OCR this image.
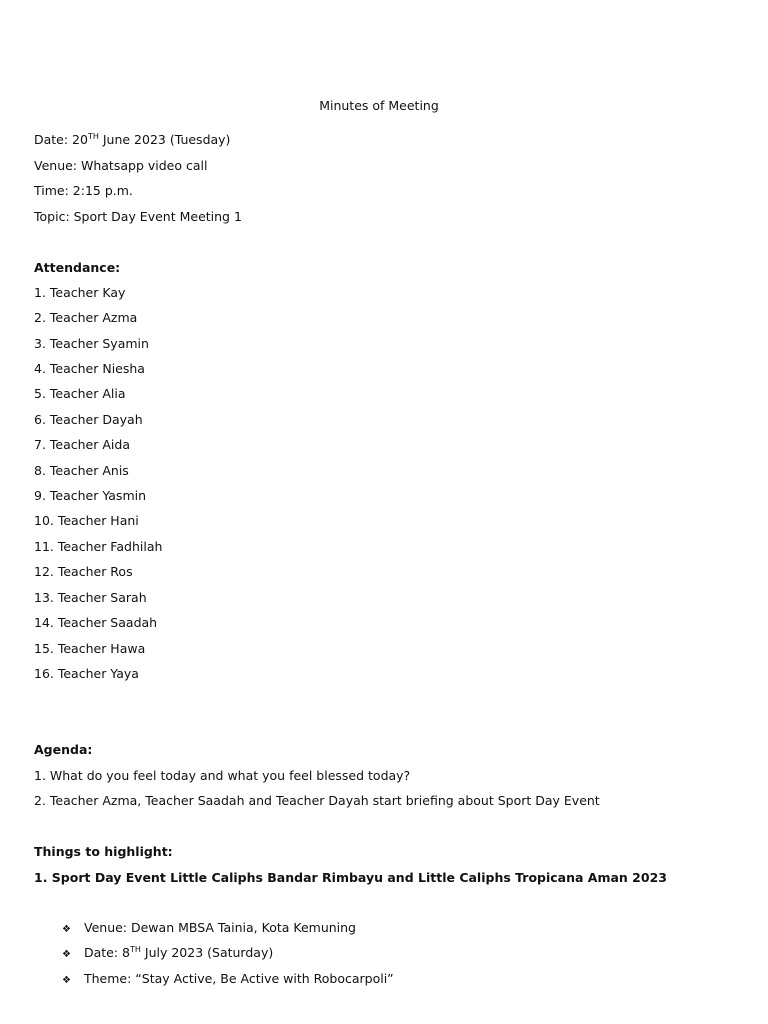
Minutes of Meeting
Date: 20TH June 2023 (Tuesday)
Venue: Whatsapp video call
Time: 2:15 p.m.
Topic: Sport Day Event Meeting 1
Attendance:
1. Teacher Kay
2. Teacher Azma
3. Teacher Syamin
4. Teacher Niesha
5. Teacher Alia
6. Teacher Dayah
7. Teacher Aida
8. Teacher Anis
9. Teacher Yasmin
10. Teacher Hani
11. Teacher Fadhilah
12. Teacher Ros
13. Teacher Sarah
14. Teacher Saadah
15. Teacher Hawa
16. Teacher Yaya
Agenda:
1. What do you feel today and what you feel blessed today?
2. Teacher Azma, Teacher Saadah and Teacher Dayah start briefing about Sport Day Event
Things to highlight:
1. Sport Day Event Little Caliphs Bandar Rimbayu and Little Caliphs Tropicana Aman 2023
❖ Venue: Dewan MBSA Tainia, Kota Kemuning
❖ Date: 8TH July 2023 (Saturday)
❖ Theme: “Stay Active, Be Active with Robocarpoli”
